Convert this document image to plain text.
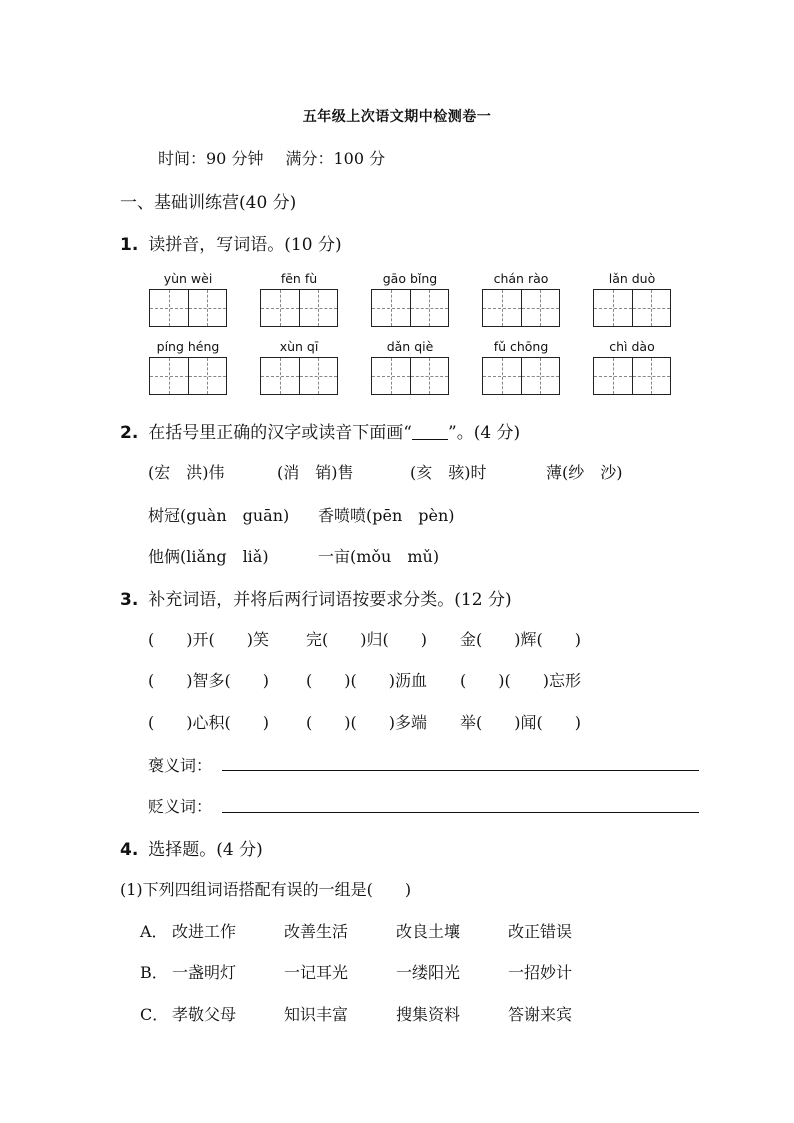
五年级上次语文期中检测卷一
时间：90 分钟 满分：100 分
一、基础训练营(40 分)
1. 读拼音，写词语。(10 分)
yùn wèi	fēn fù	gāo bǐng	chán rào	lǎn duò
píng héng	xùn qī	dǎn qiè	fǔ chōng	chì dào
2. 在括号里正确的汉字或读音下面画“ ”。(4 分)
(宏　洪)伟	(消　销)售	(亥　骇)时	薄(纱　沙)
树冠(guàn　guān) 香喷喷(pēn　pèn)
他俩(liǎng　liǎ)	一亩(mǒu　mǔ)
3. 补充词语，并将后两行词语按要求分类。(12 分)
(　　)开(　　)笑 完(　　)归(　　) 金(　　)辉(　　)
(　　)智多(　　) (　　)(　　)沥血 (　　)(　　)忘形
(　　)心积(　　) (　　)(　　)多端 举(　　)闻(　　)
褒义词：
贬义词：
4. 选择题。(4 分)
(1)下列四组词语搭配有误的一组是(　　)
A． 改进工作	改善生活	改良土壤	改正错误
B． 一盏明灯	一记耳光	一缕阳光	一招妙计
C． 孝敬父母	知识丰富	搜集资料	答谢来宾
